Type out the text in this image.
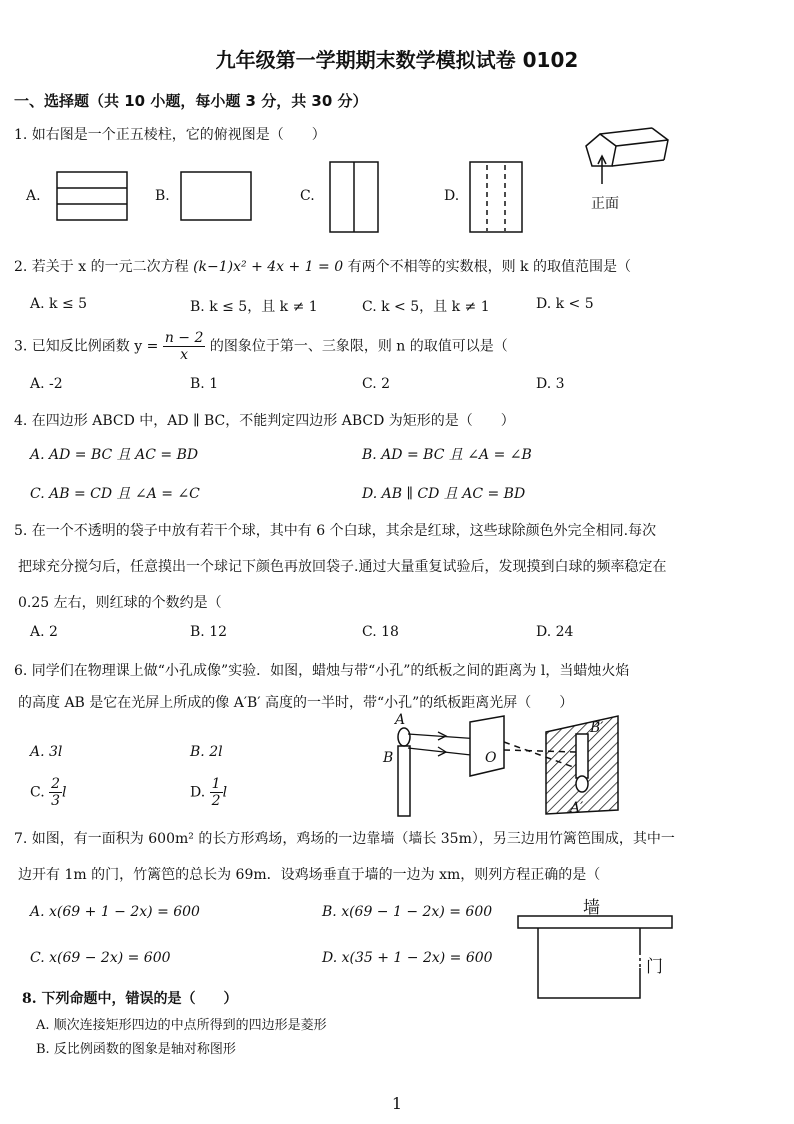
九年级第一学期期末数学模拟试卷 0102
一、选择题（共 10 小题，每小题 3 分，共 30 分）
1. 如右图是一个正五棱柱，它的俯视图是（　　）
A.	B.	C.	D.	正面
2. 若关于 x 的一元二次方程 (k−1)x² + 4x + 1 = 0 有两个不相等的实数根，则 k 的取值范围是（
A. k ≤ 5	B. k ≤ 5，且 k ≠ 1	C. k < 5，且 k ≠ 1	D. k < 5
3. 已知反比例函数 $y = \frac{n - 2}{x}$ 的图象位于第一、三象限，则 n 的取值可以是（
A. -2	B. 1	C. 2	D. 3
4. 在四边形 ABCD 中，AD ∥ BC，不能判定四边形 ABCD 为矩形的是（　　）
A. AD = BC 且 AC = BD	B. AD = BC 且 ∠A = ∠B
C. AB = CD 且 ∠A = ∠C	D. AB ∥ CD 且 AC = BD
5. 在一个不透明的袋子中放有若干个球，其中有 6 个白球，其余是红球，这些球除颜色外完全相同.每次
把球充分搅匀后，任意摸出一个球记下颜色再放回袋子.通过大量重复试验后，发现摸到白球的频率稳定在
0.25 左右，则红球的个数约是（
A. 2	B. 12	C. 18	D. 24
6. 同学们在物理课上做“小孔成像”实验．如图，蜡烛与带“小孔”的纸板之间的距离为 l，当蜡烛火焰
的高度 AB 是它在光屏上所成的像 A′B′ 高度的一半时，带“小孔”的纸板距离光屏（　　）
A. 3l	B. 2l
C. $\frac{2}{3}$ l	D. $\frac{1}{2}$ l
A
B	O
B′
A′
7. 如图，有一面积为 600m² 的长方形鸡场，鸡场的一边靠墙（墙长 35m），另三边用竹篱笆围成，其中一
边开有 1m 的门，竹篱笆的总长为 69m．设鸡场垂直于墙的一边为 xm，则列方程正确的是（
A. x(69 + 1 − 2x) = 600	B. x(69 − 1 − 2x) = 600
C. x(69 − 2x) = 600	D. x(35 + 1 − 2x) = 600
墙
门
8. 下列命题中，错误的是（　　）
A. 顺次连接矩形四边的中点所得到的四边形是菱形
B. 反比例函数的图象是轴对称图形
1
